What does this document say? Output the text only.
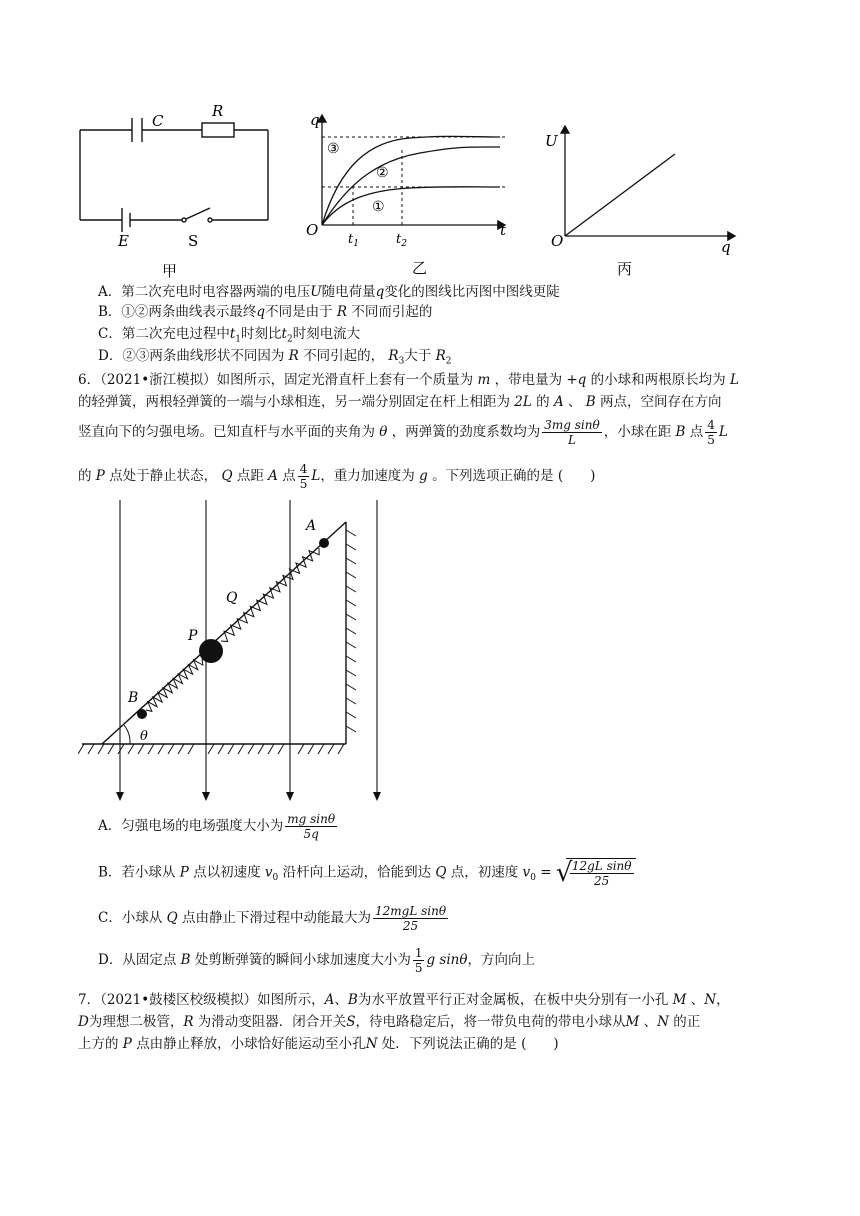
C
R
E	S
甲
q
t
O
$t_1$	$t_2$
①
②
③
乙
U
q
O
丙
A．第二次充电时电容器两端的电压U随电荷量q变化的图线比丙图中图线更陡
B．①②两条曲线表示最终q不同是由于 R 不同而引起的
C．第二次充电过程中$t_1$时刻比$t_2$时刻电流大
D．②③两条曲线形状不同因为 R 不同引起的， $R_3$大于 $R_2$
6．（2021•浙江模拟）如图所示，固定光滑直杆上套有一个质量为 m ，带电量为 +q 的小球和两根原长均为 L
的轻弹簧，两根轻弹簧的一端与小球相连，另一端分别固定在杆上相距为 2L 的 A 、 B 两点，空间存在方向
竖直向下的匀强电场。已知直杆与水平面的夹角为 θ ，两弹簧的劲度系数均为 $\frac{\text{3mg sinθ}}{L}$ ，小球在距 B 点 $\frac{4}{5}$ L
的 P 点处于静止状态， Q 点距 A 点 $\frac{4}{5}$ L，重力加速度为 g 。下列选项正确的是 (　　)
B
P
Q
A
θ
A．匀强电场的电场强度大小为 $\frac{\text{mg sinθ}}{5q}$
B．若小球从 P 点以初速度 $v_0$ 沿杆向上运动，恰能到达 Q 点，初速度 $v_0$ = √
$\frac{\text{12gL sinθ}}{25}$
C．小球从 Q 点由静止下滑过程中动能最大为 $\frac{\text{12mgL sinθ}}{25}$
D．从固定点 B 处剪断弹簧的瞬间小球加速度大小为 $\frac{1}{5}$ g sinθ，方向向上
7．（2021•鼓楼区校级模拟）如图所示，A、B为水平放置平行正对金属板，在板中央分别有一小孔 M 、N，
D为理想二极管，R 为滑动变阻器．闭合开关S，待电路稳定后，将一带负电荷的带电小球从M 、N 的正
上方的 P 点由静止释放，小球恰好能运动至小孔N 处．下列说法正确的是 (　　)
